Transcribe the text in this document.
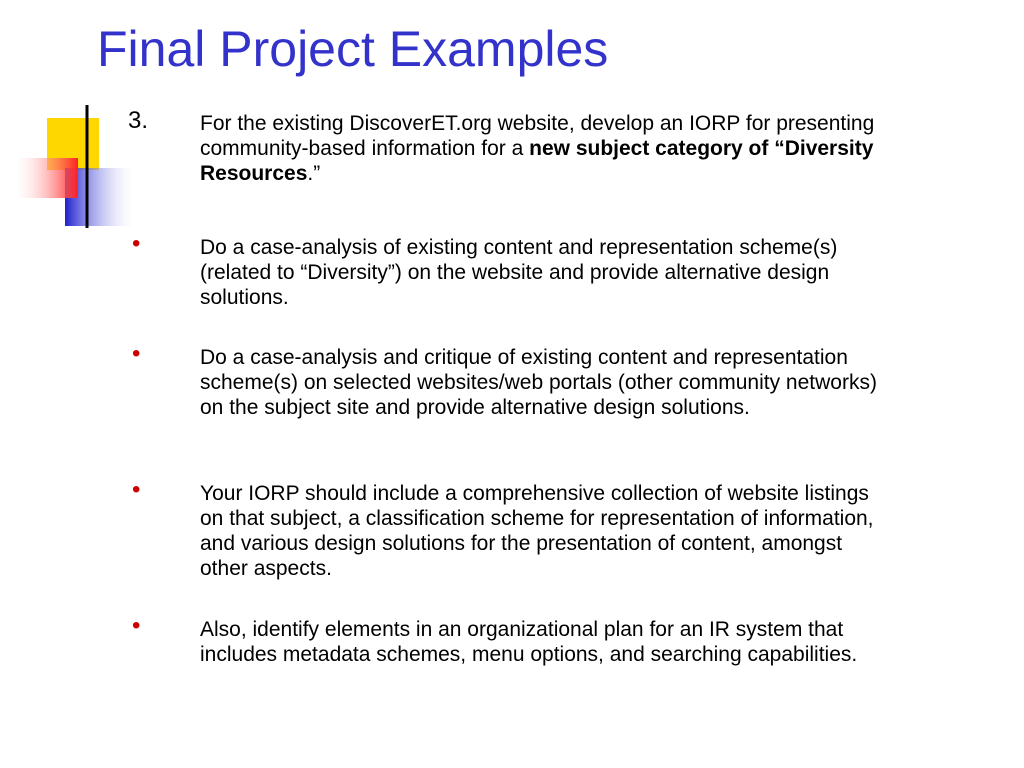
Final Project Examples
3. For the existing DiscoverET.org website, develop an IORP for presenting community-based information for a new subject category of “Diversity Resources.”
•	Do a case-analysis of existing content and representation scheme(s) (related to “Diversity”) on the website and provide alternative design solutions.
•	Do a case-analysis and critique of existing content and representation scheme(s) on selected websites/web portals (other community networks) on the subject site and provide alternative design solutions.
•	Your IORP should include a comprehensive collection of website listings on that subject, a classification scheme for representation of information, and various design solutions for the presentation of content, amongst other aspects.
•	Also, identify elements in an organizational plan for an IR system that includes metadata schemes, menu options, and searching capabilities.
